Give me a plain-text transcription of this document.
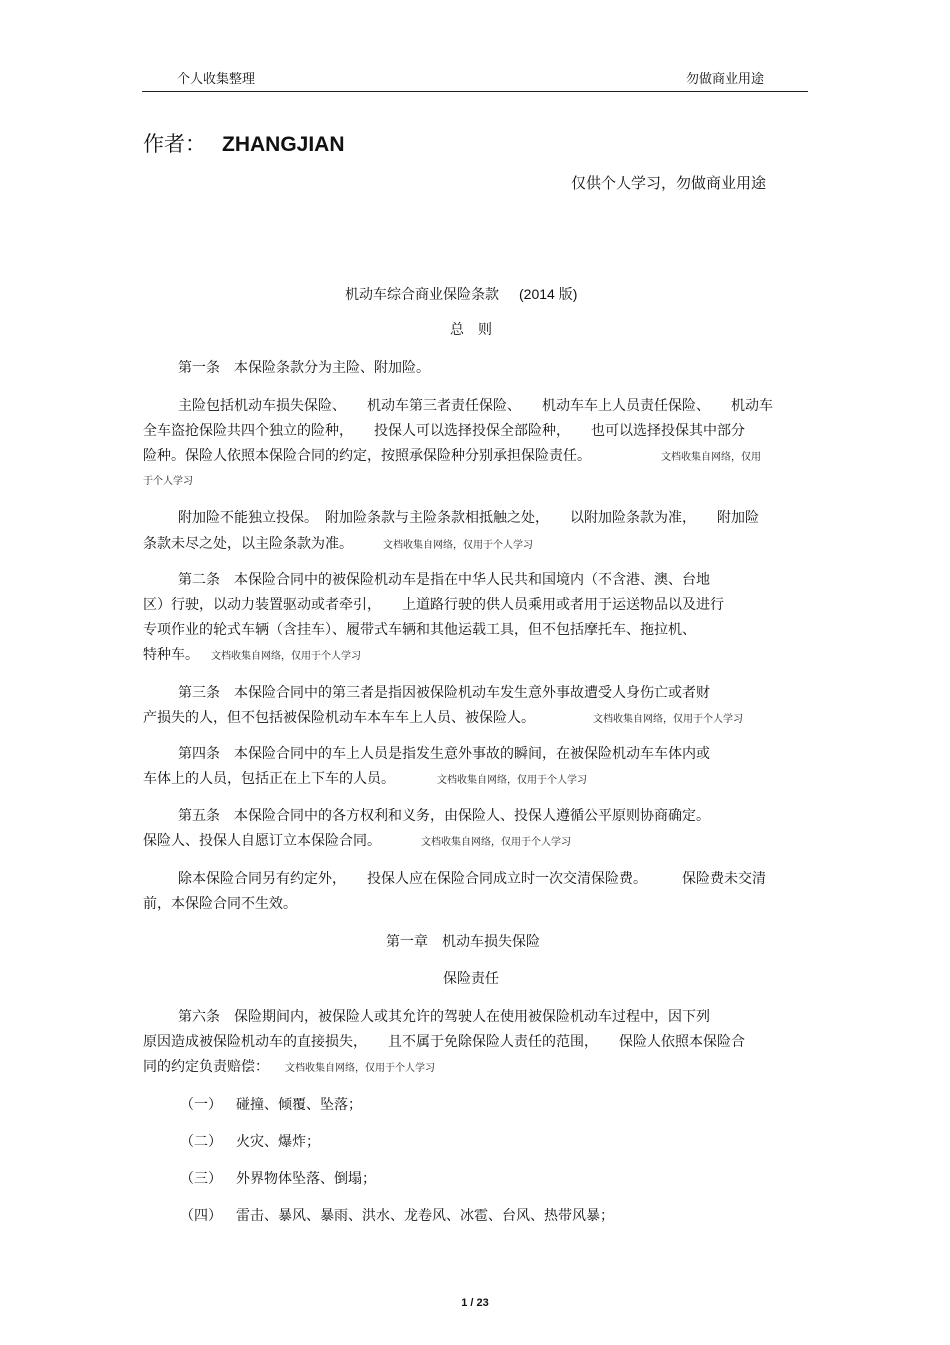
个人收集整理	勿做商业用途
作者： ZHANGJIAN
仅供个人学习，勿做商业用途
机动车综合商业保险条款 (2014 版)
总　则
第一条　本保险条款分为主险、附加险。
主险包括机动车损失保险、　　机动车第三者责任保险、　　机动车车上人员责任保险、　　机动车
全车盗抢保险共四个独立的险种，　　投保人可以选择投保全部险种，　　也可以选择投保其中部分
险种。保险人依照本保险合同的约定，按照承保险种分别承担保险责任。	文档收集自网络，仅用
于个人学习
附加险不能独立投保。　附加险条款与主险条款相抵触之处，　　以附加险条款为准，　　附加险
条款未尽之处，以主险条款为准。	文档收集自网络，仅用于个人学习
第二条　本保险合同中的被保险机动车是指在中华人民共和国境内（不含港、澳、台地
区）行驶，以动力装置驱动或者牵引，　　上道路行驶的供人员乘用或者用于运送物品以及进行
专项作业的轮式车辆（含挂车）、履带式车辆和其他运载工具，但不包括摩托车、拖拉机、
特种车。 文档收集自网络，仅用于个人学习
第三条　本保险合同中的第三者是指因被保险机动车发生意外事故遭受人身伤亡或者财
产损失的人，但不包括被保险机动车本车车上人员、被保险人。	文档收集自网络，仅用于个人学习
第四条　本保险合同中的车上人员是指发生意外事故的瞬间，在被保险机动车车体内或
车体上的人员，包括正在上下车的人员。	文档收集自网络，仅用于个人学习
第五条　本保险合同中的各方权利和义务，由保险人、投保人遵循公平原则协商确定。
保险人、投保人自愿订立本保险合同。	文档收集自网络，仅用于个人学习
除本保险合同另有约定外，　　投保人应在保险合同成立时一次交清保险费。　　　保险费未交清
前，本保险合同不生效。
第一章　机动车损失保险
保险责任
第六条　保险期间内，被保险人或其允许的驾驶人在使用被保险机动车过程中，因下列
原因造成被保险机动车的直接损失，　　且不属于免除保险人责任的范围，　　保险人依照本保险合
同的约定负责赔偿： 文档收集自网络，仅用于个人学习
（一） 碰撞、倾覆、坠落；
（二） 火灾、爆炸；
（三） 外界物体坠落、倒塌；
（四） 雷击、暴风、暴雨、洪水、龙卷风、冰雹、台风、热带风暴；
1 / 23
